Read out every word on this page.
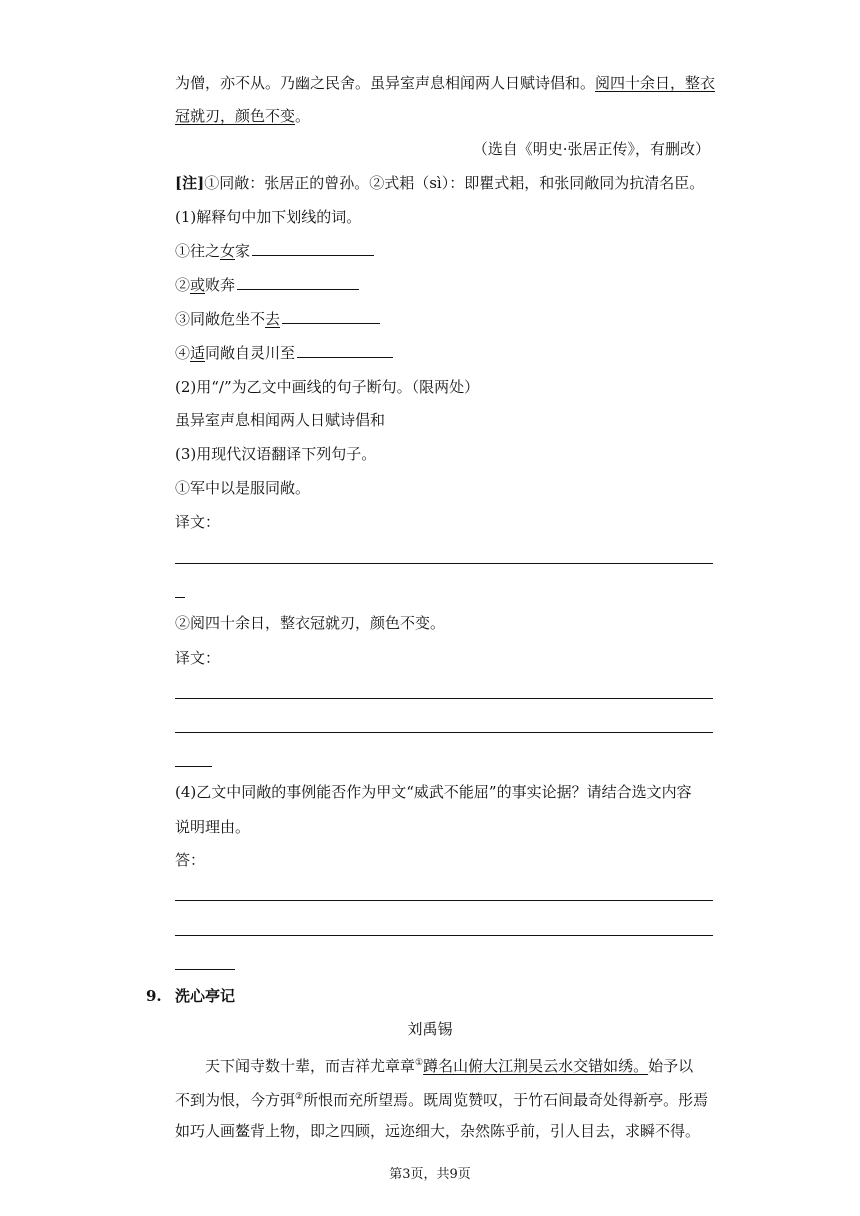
为僧，亦不从。乃幽之民舍。虽异室声息相闻两人日赋诗倡和。阅四十余日，整衣
冠就刃，颜色不变。
（选自《明史·张居正传》，有删改）
[注]①同敞：张居正的曾孙。②式耜（sì）：即瞿式耜，和张同敞同为抗清名臣。
(1)解释句中加下划线的词。
①往之女家
②或败奔
③同敞危坐不去
④适同敞自灵川至
(2)用“/”为乙文中画线的句子断句。（限两处）
虽异室声息相闻两人日赋诗倡和
(3)用现代汉语翻译下列句子。
①军中以是服同敞。
译文：
②阅四十余日，整衣冠就刃，颜色不变。
译文：
(4)乙文中同敞的事例能否作为甲文“威武不能屈”的事实论据？请结合选文内容
说明理由。
答：
9. 洗心亭记
刘禹锡
天下闻寺数十辈，而吉祥尤章章①蹲名山俯大江荆吴云水交错如绣。始予以
不到为恨，今方弭②所恨而充所望焉。既周览赞叹，于竹石间最奇处得新亭。彤焉
如巧人画鳌背上物，即之四顾，远迩细大，杂然陈乎前，引人目去，求瞬不得。
第3页，共9页
